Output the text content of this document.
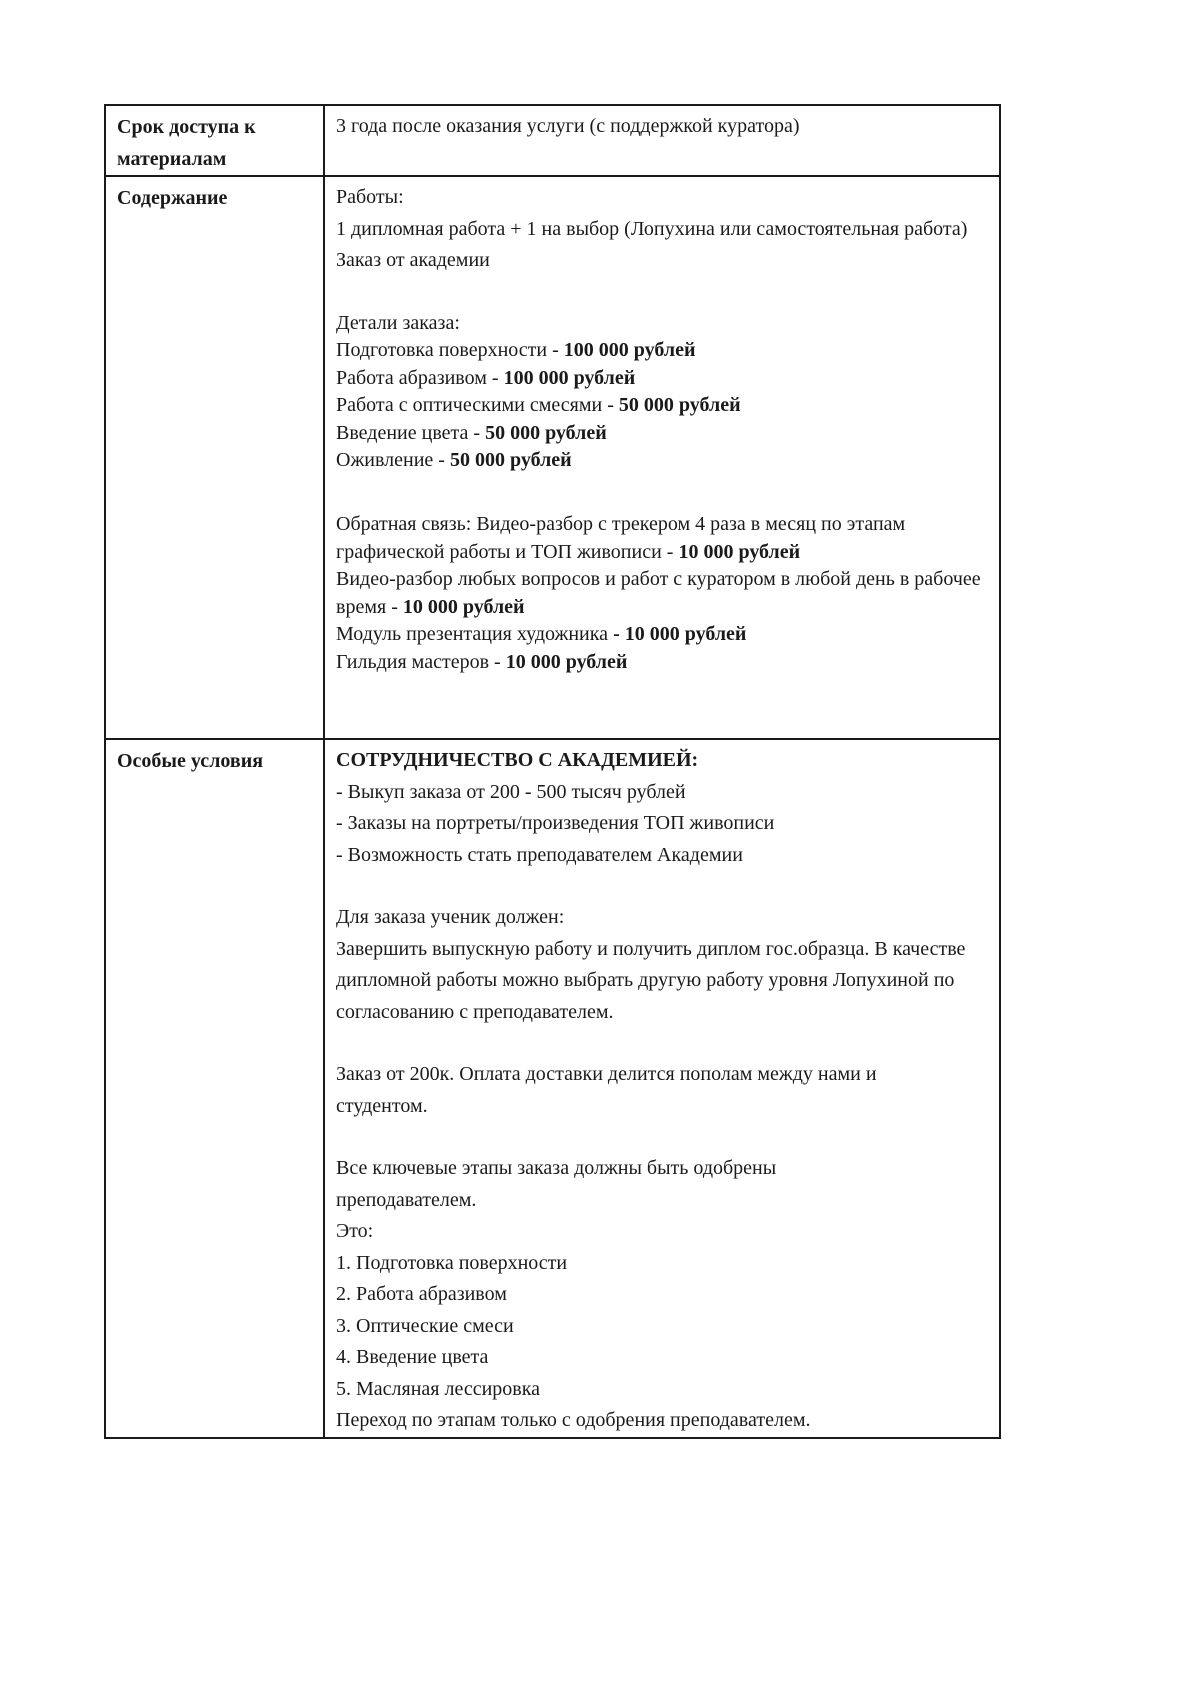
Срок доступа к материалам	3 года после оказания услуги (с поддержкой куратора)

Содержание	Работы:
1 дипломная работа + 1 на выбор (Лопухина или самостоятельная работа)
Заказ от академии
Детали заказа:
Подготовка поверхности - 100 000 рублей
Работа абразивом - 100 000 рублей
Работа с оптическими смесями - 50 000 рублей
Введение цвета - 50 000 рублей
Оживление - 50 000 рублей
Обратная связь: Видео-разбор с трекером 4 раза в месяц по этапам графической работы и ТОП живописи - 10 000 рублей
Видео-разбор любых вопросов и работ с куратором в любой день в рабочее время - 10 000 рублей
Модуль презентация художника - 10 000 рублей
Гильдия мастеров - 10 000 рублей

Особые условия	СОТРУДНИЧЕСТВО С АКАДЕМИЕЙ:
- Выкуп заказа от 200 - 500 тысяч рублей
- Заказы на портреты/произведения ТОП живописи
- Возможность стать преподавателем Академии
Для заказа ученик должен:
Завершить выпускную работу и получить диплом гос.образца. В качестве дипломной работы можно выбрать другую работу уровня Лопухиной по согласованию с преподавателем.
Заказ от 200к. Оплата доставки делится пополам между нами и студентом.
Все ключевые этапы заказа должны быть одобрены преподавателем.
Это:
1. Подготовка поверхности
2. Работа абразивом
3. Оптические смеси
4. Введение цвета
5. Масляная лессировка
Переход по этапам только с одобрения преподавателем.
